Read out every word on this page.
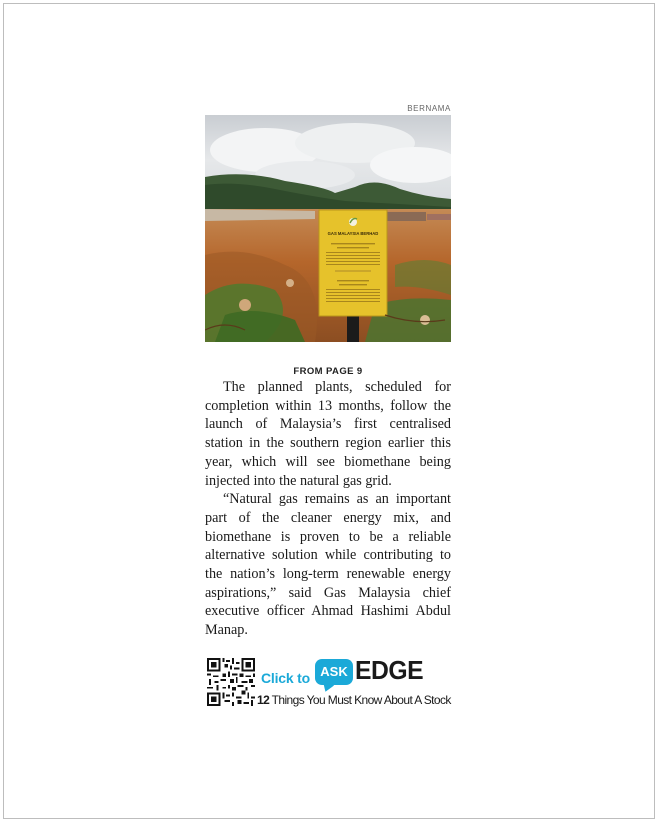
BERNAMA
GAS MALAYSIA BERHAD
FROM PAGE 9

The planned plants, scheduled for completion within 13 months, follow the launch of Malaysia’s first centralised station in the southern region earlier this year, which will see biomethane being injected into the natural gas grid.

“Natural gas remains as an important part of the cleaner energy mix, and biomethane is proven to be a reliable alternative solution while contributing to the nation’s long-term renewable energy aspirations,” said Gas Malaysia chief executive officer Ahmad Hashimi Abdul Manap.

Click to ASK EDGE
12 Things You Must Know About A Stock
